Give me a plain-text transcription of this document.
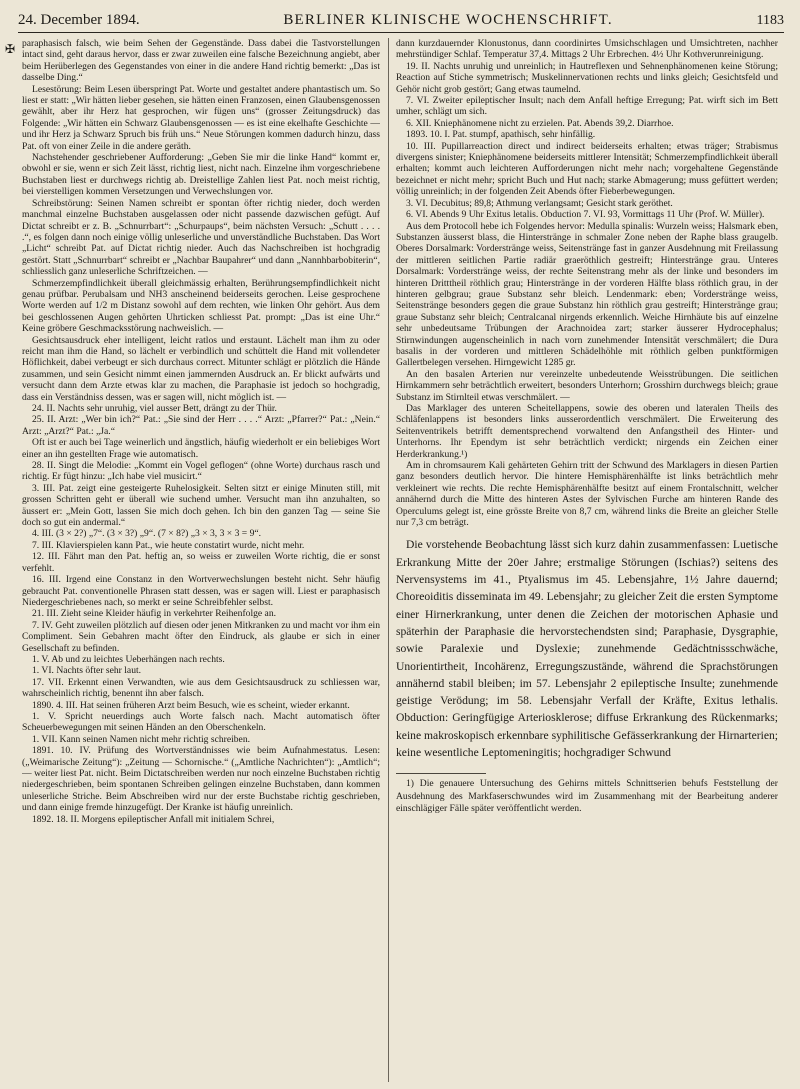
24. December 1894.	BERLINER KLINISCHE WOCHENSCHRIFT.	1183
✠ paraphasisch falsch, wie beim Sehen der Gegenstände. Dass dabei die Tastvorstellungen intact sind, geht daraus hervor, dass er zwar zuweilen eine falsche Bezeichnung angiebt, aber beim Herüberlegen des Gegenstandes von einer in die andere Hand richtig bemerkt: „Das ist dasselbe Ding.“

Lesestörung: Beim Lesen überspringt Pat. Worte und gestaltet andere phantastisch um. So liest er statt: „Wir hätten lieber gesehen, sie hätten einen Franzosen, einen Glaubensgenossen gewählt, aber ihr Herz hat gesprochen, wir fügen uns“ (grosser Zeitungsdruck) das Folgende: „Wir hätten ein Schwarz Glaubensgenossen — es ist eine ekelhafte Geschichte — und ihr Herz ja Schwarz Spruch bis früh uns.“ Neue Störungen kommen dadurch hinzu, dass Pat. oft von einer Zeile in die andere geräth.

Nachstehender geschriebener Aufforderung: „Geben Sie mir die linke Hand“ kommt er, obwohl er sie, wenn er sich Zeit lässt, richtig liest, nicht nach. Einzelne ihm vorgeschriebene Buchstaben liest er durchwegs richtig ab. Dreistellige Zahlen liest Pat. noch meist richtig, bei vierstelligen kommen Versetzungen und Verwechslungen vor.

Schreibstörung: Seinen Namen schreibt er spontan öfter richtig nieder, doch werden manchmal einzelne Buchstaben ausgelassen oder nicht passende dazwischen gefügt. Auf Dictat schreibt er z. B. „Schnurrbart“: „Schurpaups“, beim nächsten Versuch: „Schutt . . . . .“, es folgen dann noch einige völlig unleserliche und unverständliche Buchstaben. Das Wort „Licht“ schreibt Pat. auf Dictat richtig nieder. Auch das Nachschreiben ist hochgradig gestört. Statt „Schnurrbart“ schreibt er „Nachbar Baupahrer“ und dann „Nannhbarbobiterin“, schliesslich ganz unleserliche Schriftzeichen. —

Schmerzempfindlichkeit überall gleichmässig erhalten, Berührungsempfindlichkeit nicht genau prüfbar. Perubalsam und NH3 anscheinend beiderseits gerochen. Leise gesprochene Worte werden auf 1/2 m Distanz sowohl auf dem rechten, wie linken Ohr gehört. Aus dem bei geschlossenen Augen gehörten Uhrticken schliesst Pat. prompt: „Das ist eine Uhr.“ Keine gröbere Geschmacksstörung nachweislich. —

Gesichtsausdruck eher intelligent, leicht ratlos und erstaunt. Lächelt man ihm zu oder reicht man ihm die Hand, so lächelt er verbindlich und schüttelt die Hand mit vollendeter Höflichkeit, dabei verbeugt er sich durchaus correct. Mitunter schlägt er plötzlich die Hände zusammen, und sein Gesicht nimmt einen jammernden Ausdruck an. Er blickt aufwärts und versucht dann dem Arzte etwas klar zu machen, die Paraphasie ist jedoch so hochgradig, dass ein Verständniss dessen, was er sagen will, nicht möglich ist. —

24. II. Nachts sehr unruhig, viel ausser Bett, drängt zu der Thür.

25. II. Arzt: „Wer bin ich?“ Pat.: „Sie sind der Herr . . . .“ Arzt: „Pfarrer?“ Pat.: „Nein.“ Arzt: „Arzt?“ Pat.: „Ja.“

Oft ist er auch bei Tage weinerlich und ängstlich, häufig wiederholt er ein beliebiges Wort einer an ihn gestellten Frage wie automatisch.

28. II. Singt die Melodie: „Kommt ein Vogel geflogen“ (ohne Worte) durchaus rasch und richtig. Er fügt hinzu: „Ich habe viel musicirt.“

3. III. Pat. zeigt eine gesteigerte Ruhelosigkeit. Selten sitzt er einige Minuten still, mit grossen Schritten geht er überall wie suchend umher. Versucht man ihn anzuhalten, so äussert er: „Mein Gott, lassen Sie mich doch gehen. Ich bin den ganzen Tag — seine Sie doch so gut ein andermal.“

4. III. (3 × 2?) „7“. (3 × 3?) „9“. (7 × 8?) „3 × 3, 3 × 3 = 9“.

7. III. Klavierspielen kann Pat., wie heute constatirt wurde, nicht mehr.

12. III. Fährt man den Pat. heftig an, so weiss er zuweilen Worte richtig, die er sonst verfehlt.

16. III. Irgend eine Constanz in den Wortverwechslungen besteht nicht. Sehr häufig gebraucht Pat. conventionelle Phrasen statt dessen, was er sagen will. Liest er paraphasisch Niedergeschriebenes nach, so merkt er seine Schreibfehler selbst.

21. III. Zieht seine Kleider häufig in verkehrter Reihenfolge an.

7. IV. Geht zuweilen plötzlich auf diesen oder jenen Mitkranken zu und macht vor ihm ein Compliment. Sein Gebahren macht öfter den Eindruck, als glaube er sich in einer Gesellschaft zu befinden.

1. V. Ab und zu leichtes Ueberhängen nach rechts.

1. VI. Nachts öfter sehr laut.

17. VII. Erkennt einen Verwandten, wie aus dem Gesichtsausdruck zu schliessen war, wahrscheinlich richtig, benennt ihn aber falsch.

1890. 4. III. Hat seinen früheren Arzt beim Besuch, wie es scheint, wieder erkannt.

1. V. Spricht neuerdings auch Worte falsch nach. Macht automatisch öfter Scheuerbewegungen mit seinen Händen an den Oberschenkeln.

1. VII. Kann seinen Namen nicht mehr richtig schreiben.

1891. 10. IV. Prüfung des Wortverständnisses wie beim Aufnahmestatus. Lesen: („Weimarische Zeitung“): „Zeitung — Schornische.“ („Amtliche Nachrichten“): „Amtlich“; — weiter liest Pat. nicht. Beim Dictatschreiben werden nur noch einzelne Buchstaben richtig niedergeschrieben, beim spontanen Schreiben gelingen einzelne Buchstaben, dann kommen unleserliche Striche. Beim Abschreiben wird nur der erste Buchstabe richtig geschrieben, und dann einige fremde hinzugefügt. Der Kranke ist häufig unreinlich.

1892. 18. II. Morgens epileptischer Anfall mit initialem Schrei,

dann kurzdauernder Klonustonus, dann coordinirtes Umsichschlagen und Umsichtreten, nachher mehrstündiger Schlaf. Temperatur 37,4. Mittags 2 Uhr Erbrechen. 4½ Uhr Kothverunreinigung.

19. II. Nachts unruhig und unreinlich; in Hautreflexen und Sehnenphänomenen keine Störung; Reaction auf Stiche symmetrisch; Muskelinnervationen rechts und links gleich; Gesichtsfeld und Gehör nicht grob gestört; Gang etwas taumelnd.

7. VI. Zweiter epileptischer Insult; nach dem Anfall heftige Erregung; Pat. wirft sich im Bett umher, schlägt um sich.

6. XII. Kniephänomene nicht zu erzielen. Pat. Abends 39,2. Diarrhoe.

1893. 10. I. Pat. stumpf, apathisch, sehr hinfällig.

10. III. Pupillarreaction direct und indirect beiderseits erhalten; etwas träger; Strabismus divergens sinister; Kniephänomene beiderseits mittlerer Intensität; Schmerzempfindlichkeit überall erhalten; kommt auch leichteren Aufforderungen nicht mehr nach; vorgehaltene Gegenstände bezeichnet er nicht mehr; spricht Buch und Hut nach; starke Abmagerung; muss gefüttert werden; völlig unreinlich; in der folgenden Zeit Abends öfter Fieberbewegungen.

3. VI. Decubitus; 89,8; Athmung verlangsamt; Gesicht stark geröthet.

6. VI. Abends 9 Uhr Exitus letalis. Obduction 7. VI. 93, Vormittags 11 Uhr (Prof. W. Müller).

Aus dem Protocoll hebe ich Folgendes hervor: Medulla spinalis: Wurzeln weiss; Halsmark eben, Substanzen äusserst blass, die Hinterstränge in schmaler Zone neben der Raphe blass graugelb. Oberes Dorsalmark: Vorderstränge weiss, Seitenstränge fast in ganzer Ausdehnung mit Freilassung der mittleren seitlichen Partie radiär graeröthlich gestreift; Hinterstränge grau. Unteres Dorsalmark: Vorderstränge weiss, der rechte Seitenstrang mehr als der linke und besonders im hinteren Dritttheil röthlich grau; Hinterstränge in der vorderen Hälfte blass röthlich grau, in der hinteren gelbgrau; graue Substanz sehr bleich. Lendenmark: eben; Vorderstränge weiss, Seitenstränge besonders gegen die graue Substanz hin röthlich grau gestreift; Hinterstränge grau; graue Substanz sehr bleich; Centralcanal nirgends erkennlich. Weiche Hirnhäute bis auf einzelne sehr unbedeutsame Trübungen der Arachnoidea zart; starker äusserer Hydrocephalus; Stirnwindungen augenscheinlich in nach vorn zunehmender Intensität verschmälert; die Dura basalis in der vorderen und mittleren Schädelhöhle mit röthlich gelben punktförmigen Gallertbelegen versehen. Hirngewicht 1285 gr.

An den basalen Arterien nur vereinzelte unbedeutende Weisstrübungen. Die seitlichen Hirnkammern sehr beträchtlich erweitert, besonders Unterhorn; Grosshirn durchwegs bleich; graue Substanz im Stirnlteil etwas verschmälert. —

Das Marklager des unteren Scheitellappens, sowie des oberen und lateralen Theils des Schläfenlappens ist besonders links ausserordentlich verschmälert. Die Erweiterung des Seitenventrikels betrifft dementsprechend vorwaltend den Anfangstheil des Hinter- und Unterhorns. Ihr Ependym ist sehr beträchtlich verdickt; nirgends ein Zeichen einer Herderkrankung.¹)

Am in chromsaurem Kali gehärteten Gehirn tritt der Schwund des Marklagers in diesen Partien ganz besonders deutlich hervor. Die hintere Hemisphärenhälfte ist links beträchtlich mehr verkleinert wie rechts. Die rechte Hemisphärenhälfte besitzt auf einem Frontalschnitt, welcher annähernd durch die Mitte des hinteren Astes der Sylvischen Furche am hinteren Rande des Operculums gelegt ist, eine grösste Breite von 8,7 cm, während links die Breite an gleicher Stelle nur 7,3 cm beträgt.

Die vorstehende Beobachtung lässt sich kurz dahin zusammenfassen: Luetische Erkrankung Mitte der 20er Jahre; erstmalige Störungen (Ischias?) seitens des Nervensystems im 41., Ptyalismus im 45. Lebensjahre, 1½ Jahre dauernd; Choreoiditis disseminata im 49. Lebensjahr; zu gleicher Zeit die ersten Symptome einer Hirnerkrankung, unter denen die Zeichen der motorischen Aphasie und späterhin der Paraphasie die hervorstechendsten sind; Paraphasie, Dysgraphie, sowie Paralexie und Dyslexie; zunehmende Gedächtnissschwäche, Unorientirtheit, Incohärenz, Erregungszustände, während die Sprachstörungen annähernd stabil bleiben; im 57. Lebensjahr 2 epileptische Insulte; zunehmende geistige Verödung; im 58. Lebensjahr Verfall der Kräfte, Exitus lethalis. Obduction: Geringfügige Arteriosklerose; diffuse Erkrankung des Rückenmarks; keine makroskopisch erkennbare syphilitische Gefässerkrankung der Hirnarterien; keine wesentliche Leptomeningitis; hochgradiger Schwund

1) Die genauere Untersuchung des Gehirns mittels Schnittserien behufs Feststellung der Ausdehnung des Markfaserschwundes wird im Zusammenhang mit der Bearbeitung anderer einschlägiger Fälle später veröffentlicht werden.
